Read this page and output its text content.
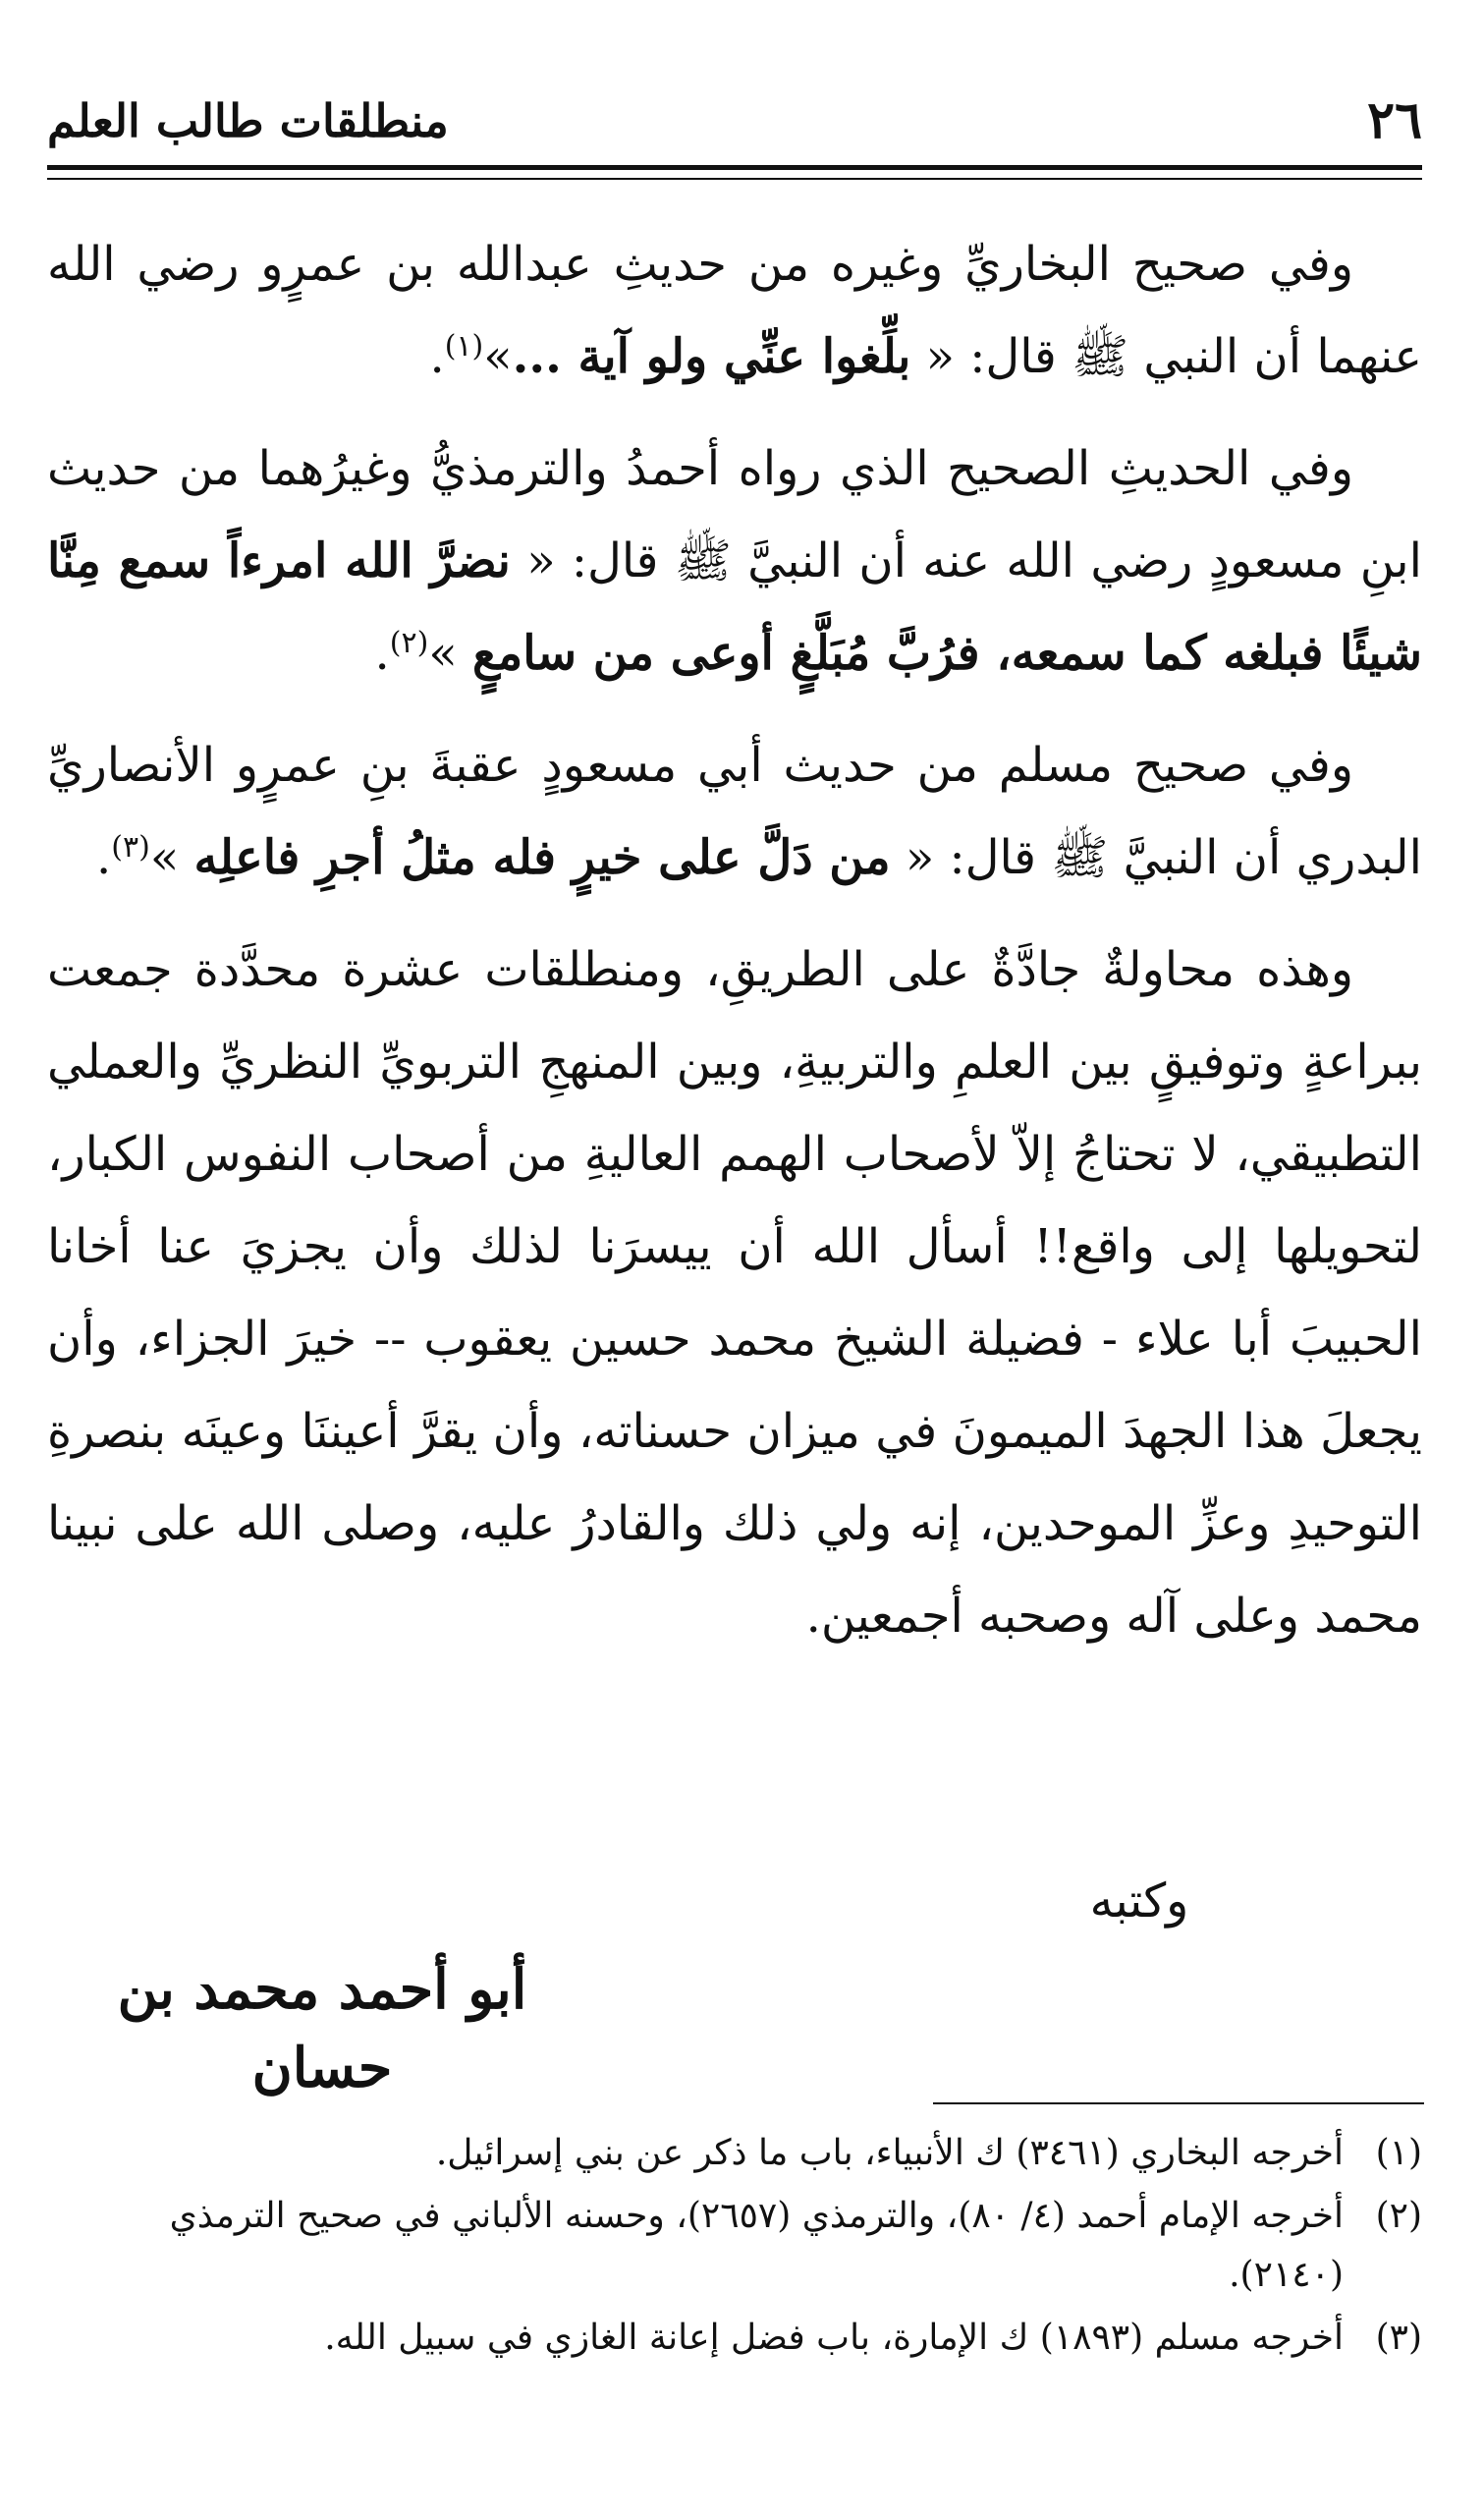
٢٦
منطلقات طالب العلم

وفي صحيح البخاريِّ وغيره من حديثِ عبدالله بن عمرٍو رضي الله عنهما أن النبي ﷺ قال: « بلِّغوا عنِّي ولو آية ...»$^{(١)}$.

وفي الحديثِ الصحيح الذي رواه أحمدُ والترمذيُّ وغيرُهما من حديث ابنِ مسعودٍ رضي الله عنه أن النبيَّ ﷺ قال: « نضرَّ الله امرءاً سمع مِنَّا شيئًا فبلغه كما سمعه، فرُبَّ مُبَلَّغٍ أوعى من سامعٍ »$^{(٢)}$.

وفي صحيح مسلم من حديث أبي مسعودٍ عقبةَ بنِ عمرٍو الأنصاريِّ البدري أن النبيَّ ﷺ قال: « من دَلَّ على خيرٍ فله مثلُ أجرِ فاعلِه »$^{(٣)}$.

وهذه محاولةٌ جادَّةٌ على الطريقِ، ومنطلقات عشرة محدَّدة جمعت ببراعةٍ وتوفيقٍ بين العلمِ والتربيةِ، وبين المنهجِ التربويِّ النظريِّ والعملي التطبيقي، لا تحتاجُ إلاّ لأصحاب الهمم العاليةِ من أصحاب النفوس الكبار، لتحويلها إلى واقع!! أسأل الله أن ييسرَنا لذلك وأن يجزيَ عنا أخانا الحبيبَ أبا علاء - فضيلة الشيخ محمد حسين يعقوب -- خيرَ الجزاء، وأن يجعلَ هذا الجهدَ الميمونَ في ميزان حسناته، وأن يقرَّ أعيننَا وعينَه بنصرةِ التوحيدِ وعزِّ الموحدين، إنه ولي ذلك والقادرُ عليه، وصلى الله على نبينا محمد وعلى آله وصحبه أجمعين.

وكتبه
أبو أحمد محمد بن حسان
(١)
أخرجه البخاري (٣٤٦١) ك الأنبياء، باب ما ذكر عن بني إسرائيل.
(٢)
أخرجه الإمام أحمد (٤/ ٨٠)، والترمذي (٢٦٥٧)، وحسنه الألباني في صحيح الترمذي (٢١٤٠).
(٣)
أخرجه مسلم (١٨٩٣) ك الإمارة، باب فضل إعانة الغازي في سبيل الله.
